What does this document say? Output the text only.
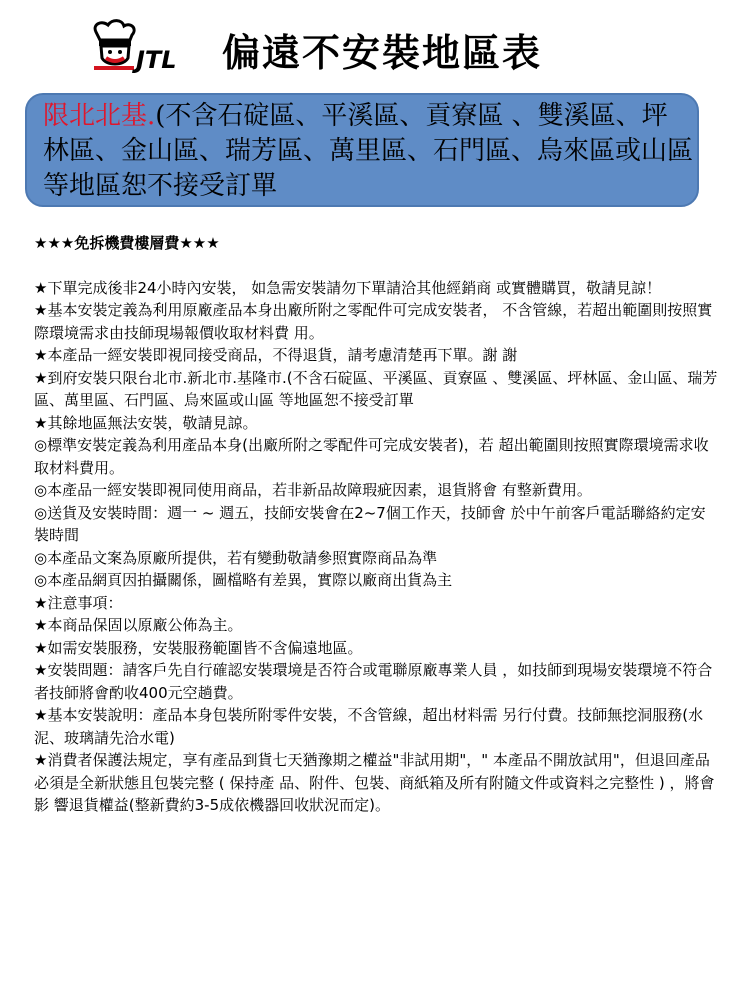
JTL 偏遠不安裝地區表
限北北基.(不含石碇區、平溪區、貢寮區 、雙溪區、坪林區、金山區、瑞芳區、萬里區、石門區、烏來區或山區 等地區恕不接受訂單
★★★免拆機費樓層費★★★
★下單完成後非24小時內安裝， 如急需安裝請勿下單請洽其他經銷商 或實體購買，敬請見諒！
★基本安裝定義為利用原廠產品本身出廠所附之零配件可完成安裝者， 不含管線，若超出範圍則按照實際環境需求由技師現場報價收取材料費 用。
★本產品一經安裝即視同接受商品，不得退貨，請考慮清楚再下單。謝 謝
★到府安裝只限台北市.新北市.基隆市.(不含石碇區、平溪區、貢寮區 、雙溪區、坪林區、金山區、瑞芳區、萬里區、石門區、烏來區或山區 等地區恕不接受訂單
★其餘地區無法安裝，敬請見諒。
◎標準安裝定義為利用產品本身(出廠所附之零配件可完成安裝者)，若 超出範圍則按照實際環境需求收取材料費用。
◎本產品一經安裝即視同使用商品，若非新品故障瑕疵因素，退貨將會 有整新費用。
◎送貨及安裝時間：週一 ~ 週五，技師安裝會在2~7個工作天，技師會 於中午前客戶電話聯絡約定安裝時間
◎本產品文案為原廠所提供，若有變動敬請參照實際商品為準
◎本產品網頁因拍攝關係，圖檔略有差異，實際以廠商出貨為主
★注意事項：
★本商品保固以原廠公佈為主。
★如需安裝服務，安裝服務範圍皆不含偏遠地區。
★安裝問題：請客戶先自行確認安裝環境是否符合或電聯原廠專業人員 ，如技師到現場安裝環境不符合者技師將會酌收400元空趟費。
★基本安裝說明：產品本身包裝所附零件安裝，不含管線，超出材料需 另行付費。技師無挖洞服務(水泥、玻璃請先洽水電)
★消費者保護法規定，享有產品到貨七天猶豫期之權益"非試用期"，" 本產品不開放試用"，但退回產品必須是全新狀態且包裝完整 ( 保持產 品、附件、包裝、商紙箱及所有附隨文件或資料之完整性 ) ，將會影 響退貨權益(整新費約3-5成依機器回收狀況而定)。
